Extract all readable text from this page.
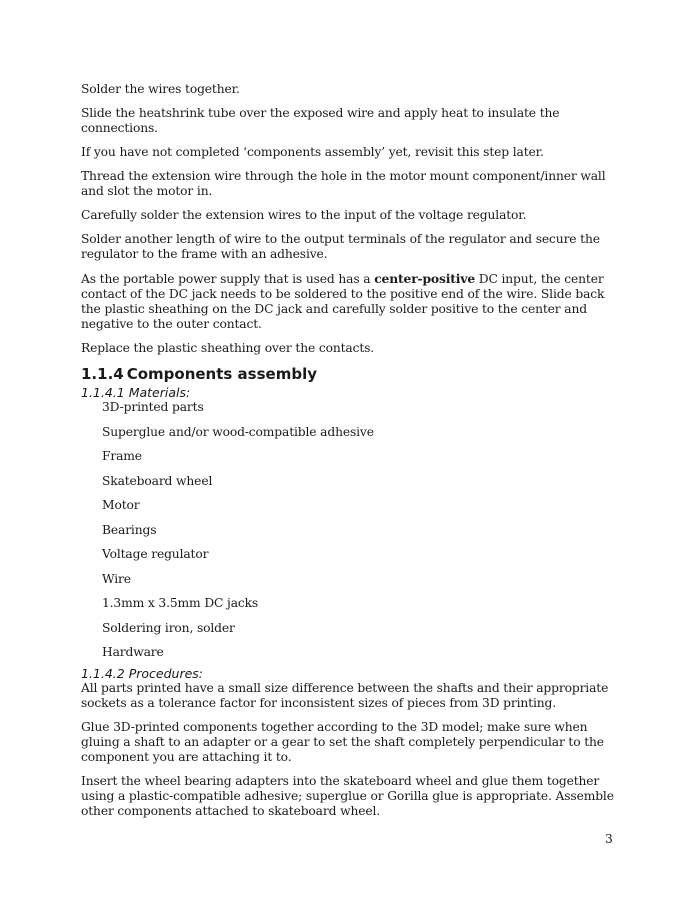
Solder the wires together.

Slide the heatshrink tube over the exposed wire and apply heat to insulate the connections.

If you have not completed ‘components assembly’ yet, revisit this step later.

Thread the extension wire through the hole in the motor mount component/inner wall and slot the motor in.

Carefully solder the extension wires to the input of the voltage regulator.

Solder another length of wire to the output terminals of the regulator and secure the regulator to the frame with an adhesive.

As the portable power supply that is used has a center-positive DC input, the center contact of the DC jack needs to be soldered to the positive end of the wire. Slide back the plastic sheathing on the DC jack and carefully solder positive to the center and negative to the outer contact.

Replace the plastic sheathing over the contacts.

1.1.4 Components assembly
1.1.4.1 Materials:
3D-printed parts
Superglue and/or wood-compatible adhesive
Frame
Skateboard wheel
Motor
Bearings
Voltage regulator
Wire
1.3mm x 3.5mm DC jacks
Soldering iron, solder
Hardware
1.1.4.2 Procedures:

All parts printed have a small size difference between the shafts and their appropriate sockets as a tolerance factor for inconsistent sizes of pieces from 3D printing.

Glue 3D-printed components together according to the 3D model; make sure when gluing a shaft to an adapter or a gear to set the shaft completely perpendicular to the component you are attaching it to.

Insert the wheel bearing adapters into the skateboard wheel and glue them together using a plastic-compatible adhesive; superglue or Gorilla glue is appropriate. Assemble other components attached to skateboard wheel.

3
